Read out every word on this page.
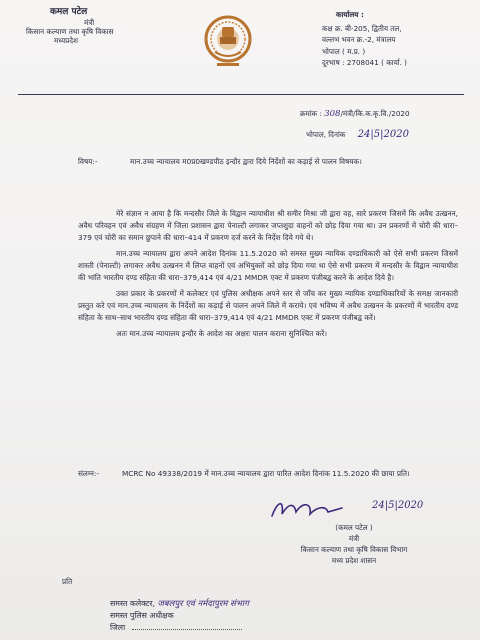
कमल पटेल
मंत्री
किसान कल्याण तथा कृषि विकास
मध्यप्रदेश
कार्यालय :
कक्ष क्र. बी-205, द्वितीय तल,
वल्लभ भवन क्र.-2, मंत्रालय
भोपाल ( म.प्र. )
दूरभाष : 2708041 ( कार्या. )
क्रमांक : 308/मंत्री/कि.क.कृ.वि./2020
भोपाल, दिनांक 24|5|2020
विषय:-	मान.उच्च न्यायालय म0प्र0खण्डपीठ इन्दौर द्वारा दिये निर्देशों का कड़ाई से पालन विषयक।

मेरे संज्ञान न आया है कि मन्दसौर जिले के विद्वान न्यायाधीश श्री समीर मिश्रा जी द्वारा वह, सारे प्रकरण जिसमें कि अवैध उत्खनन, अवैध परिवहन एवं अवैध संग्रहण में जिला प्रशासन द्वारा पेनाल्टी लगाकर जप्तशुदा वाहनों को छोड़ दिया गया था। उन प्रकरणों में चोरी की धारा–379 एवं चोरी का समान छुपाने की धारा–414 में प्रकरण दर्ज करने के निर्देश दिये गये थे।

मान.उच्च न्यायालय द्वारा अपने आदेश दिनांक 11.5.2020 को समस्त मुख्य न्यायिक दण्डाधिकारी को ऐसे सभी प्रकरण जिसमें शास्ती (पेनाल्टी) लगाकर अवैध उत्खनन में लिप्त वाहनों एवं अभियुक्तों को छोड़ दिया गया था ऐसे सभी प्रकरण में मन्दसौर के विद्वान न्यायाधीश की भांति भारतीय दण्ड संहिता की धारा–379,414 एवं 4/21 MMDR एक्ट में प्रकरण पंजीबद्व करने के आदेश दिये है।

उक्त प्रकार के प्रकरणों में कलेक्टर एवं पुलिस अधीक्षक अपने स्तर से जाँच कर मुख्य न्यायिक दण्डाधिकारियों के समक्ष जानकारी प्रस्तुत करे एवं मान.उच्च न्यायालय के निर्देशों का कड़ाई से पालन अपने जिले में कराये। एवं भविष्य में अवैध उत्खनन के प्रकरणों में भारतीय दण्ड संहिता के साथ–साथ भारतीय दण्ड संहिता की धारा–379,414 एवं 4/21 MMDR एक्ट में प्रकरण पंजीबद्व करें।

अतः मान.उच्च न्यायालय इन्दौर के आदेश का अक्षरः पालन कराना सुनिश्चित करें।

संलग्न:-	MCRC No 49338/2019 में मान.उच्च न्यायालय द्वारा पारित आदेश दिनांक 11.5.2020 की छाया प्रति।
24|5|2020
(कमल पटेल )
मंत्री
किसान कल्याण तथा कृषि विकास विभाग
मध्य प्रदेश शासन
प्रति
समस्त कलेक्टर, जबलपुर एवं नर्मदापुरम संभाग
समस्त पुलिस अधीक्षक
जिला
